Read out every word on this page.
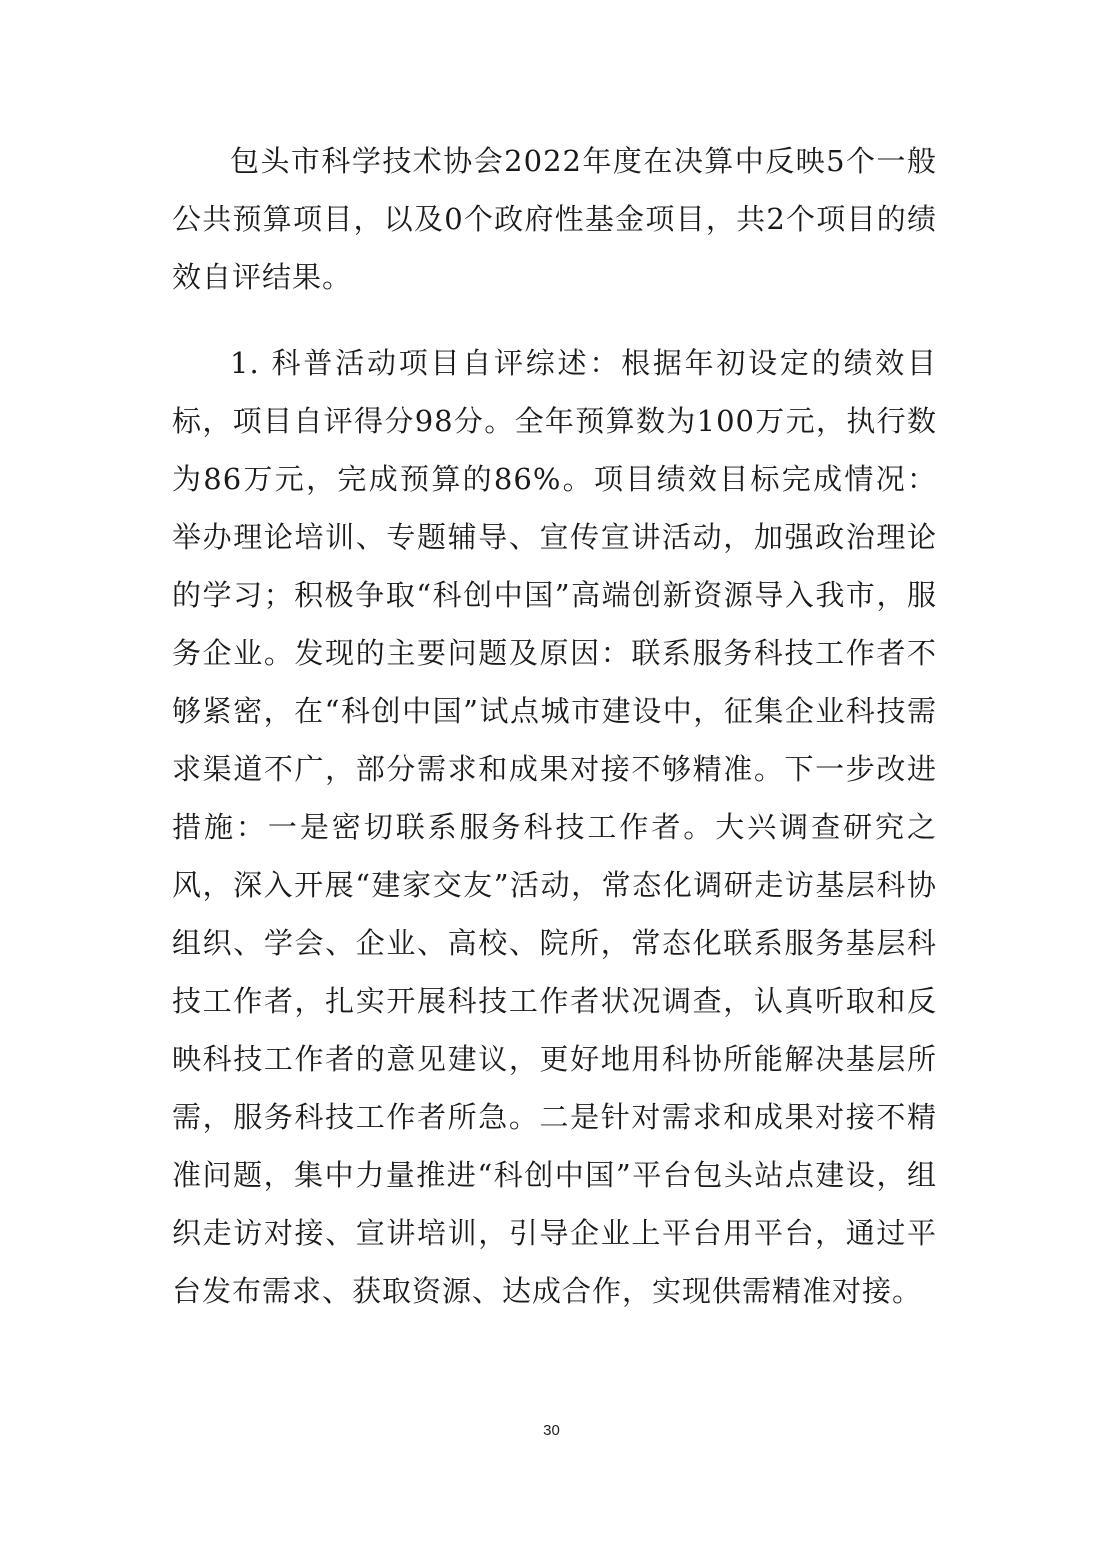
包头市科学技术协会2022年度在决算中反映5个一般公共预算项目，以及0个政府性基金项目，共2个项目的绩效自评结果。

1. 科普活动项目自评综述：根据年初设定的绩效目标，项目自评得分98分。全年预算数为100万元，执行数为86万元，完成预算的86%。项目绩效目标完成情况：举办理论培训、专题辅导、宣传宣讲活动，加强政治理论的学习；积极争取“科创中国”高端创新资源导入我市，服务企业。发现的主要问题及原因：联系服务科技工作者不够紧密，在“科创中国”试点城市建设中，征集企业科技需求渠道不广，部分需求和成果对接不够精准。下一步改进措施：一是密切联系服务科技工作者。大兴调查研究之风，深入开展“建家交友”活动，常态化调研走访基层科协组织、学会、企业、高校、院所，常态化联系服务基层科技工作者，扎实开展科技工作者状况调查，认真听取和反映科技工作者的意见建议，更好地用科协所能解决基层所需，服务科技工作者所急。二是针对需求和成果对接不精准问题，集中力量推进“科创中国”平台包头站点建设，组织走访对接、宣讲培训，引导企业上平台用平台，通过平台发布需求、获取资源、达成合作，实现供需精准对接。

30
